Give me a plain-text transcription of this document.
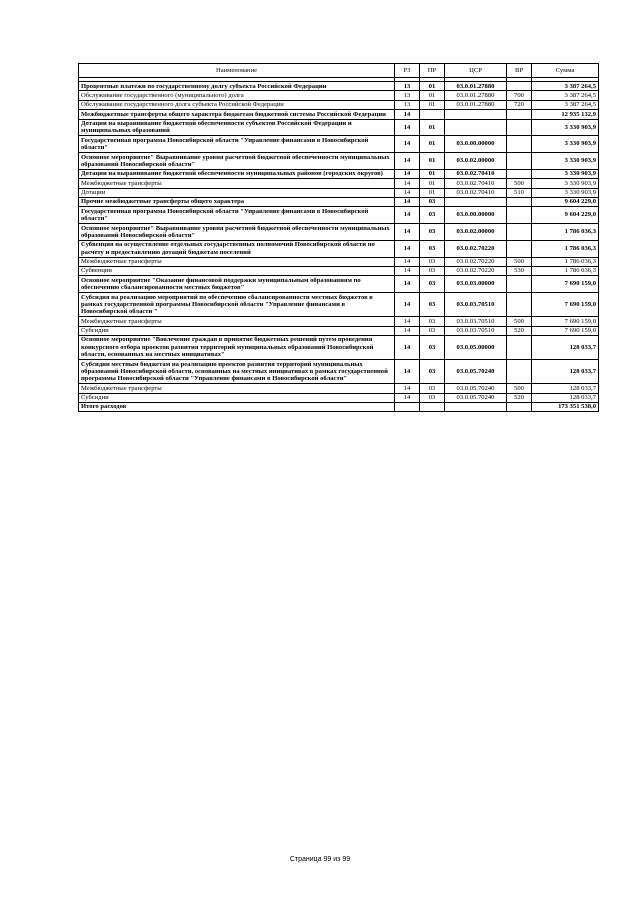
Наименование	РЗ	ПР	ЦСР	ВР	Сумма

Процентные платежи по государственному долгу субъекта Российской Федерации	13	01	03.0.01.27880		3 387 264,5
Обслуживание государственного (муниципального) долга	13	01	03.0.01.27880	700	3 387 264,5
Обслуживание государственного долга субъекта Российской Федерации	13	01	03.0.01.27880	720	3 387 264,5
Межбюджетные трансферты общего характера бюджетам бюджетной системы Российской Федерации	14				12 935 132,9
Дотации на выравнивание бюджетной обеспеченности субъектов Российской Федерации и муниципальных образований	14	01			3 330 903,9
Государственная программа Новосибирской области "Управление финансами в Новосибирской области"	14	01	03.0.00.00000		3 330 903,9
Основное мероприятие" Выравнивание уровня расчетной бюджетной обеспеченности муниципальных образований Новосибирской области"	14	01	03.0.02.00000		3 330 903,9
Дотации на выравнивание бюджетной обеспеченности муниципальных районов (городских округов)	14	01	03.0.02.70410		3 330 903,9
Межбюджетные трансферты	14	01	03.0.02.70410	500	3 330 903,9
Дотации	14	01	03.0.02.70410	510	3 330 903,9
Прочие межбюджетные трансферты общего характера	14	03			9 604 229,0
Государственная программа Новосибирской области "Управление финансами в Новосибирской области"	14	03	03.0.00.00000		9 604 229,0
Основное мероприятие" Выравнивание уровня расчетной бюджетной обеспеченности муниципальных образований Новосибирской области"	14	03	03.0.02.00000		1 786 036,3
Субвенция на осуществление отдельных государственных полномочий Новосибирской области по расчету и предоставлению дотаций бюджетам поселений	14	03	03.0.02.70220		1 786 036,3
Межбюджетные трансферты	14	03	03.0.02.70220	500	1 786 036,3
Субвенции	14	03	03.0.02.70220	530	1 786 036,3
Основное мероприятие "Оказание финансовой поддержки муниципальным образованиям по обеспечению сбалансированности местных бюджетов"	14	03	03.0.03.00000		7 690 159,0
Субсидия на реализацию мероприятий по обеспечению сбалансированности местных бюджетов в рамках государственной программы Новосибирской области "Управление финансами в Новосибирской области "	14	03	03.0.03.70510		7 690 159,0
Межбюджетные трансферты	14	03	03.0.03.70510	500	7 690 159,0
Субсидии	14	03	03.0.03.70510	520	7 690 159,0
Основное мероприятие "Вовлечение граждан в принятие бюджетных решений путем проведения конкурсного отбора проектов развития территорий муниципальных образований Новосибирской области, основанных на местных инициативах"	14	03	03.0.05.00000		128 033,7
Субсидии местным бюджетам на реализацию проектов развития территорий муниципальных образований Новосибирской области, основанных на местных инициативах в рамках государственной программы Новосибирской области "Управление финансами в Новосибирской области"	14	03	03.0.05.70240		128 033,7
Межбюджетные трансферты	14	03	03.0.05.70240	500	128 033,7
Субсидии	14	03	03.0.05.70240	520	128 033,7
Итого расходов					173 351 538,0
Страница 99 из 99
